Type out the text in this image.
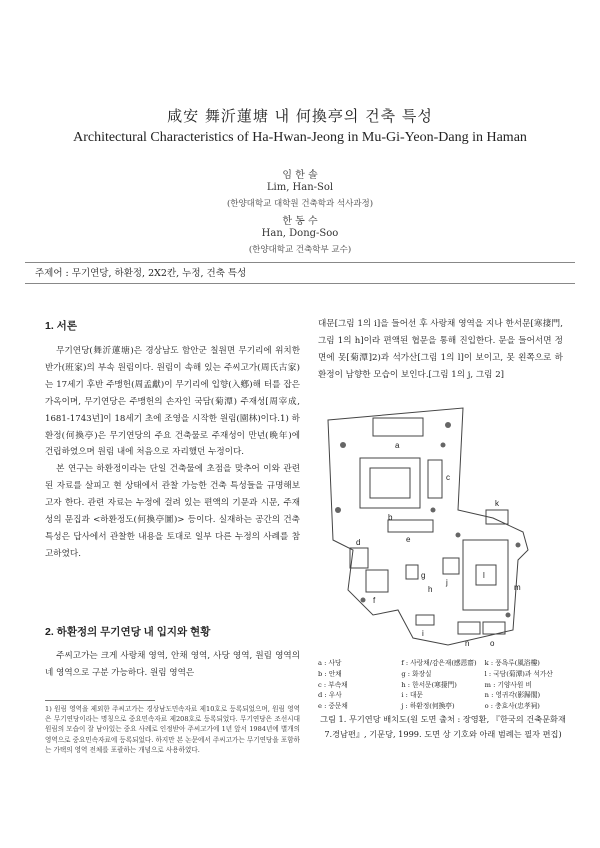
咸安 舞沂蓮塘 내 何換亭의 건축 특성
Architectural Characteristics of Ha-Hwan-Jeong in Mu-Gi-Yeon-Dang in Haman
임 한 솔
Lim, Han-Sol
(한양대학교 대학원 건축학과 석사과정)
한 동 수
Han, Dong-Soo
(한양대학교 건축학부 교수)
주제어 : 무기연당, 하환정, 2X2칸, 누정, 건축 특성
1. 서론

무기연당(舞沂蓮塘)은 경상남도 함안군 칠원면 무기리에 위치한 반가(班家)의 부속 원림이다. 원림이 속해 있는 주씨고가(周氏古家)는 17세기 후반 주맹헌(周孟獻)이 무기리에 입향(入鄕)해 터를 잡은 가옥이며, 무기연당은 주맹헌의 손자인 국담(菊潭) 주재성[周宰成, 1681-1743년]이 18세기 초에 조영을 시작한 원림(園林)이다.1) 하환정(何換亭)은 무기연당의 주요 건축물로 주재성이 만년(晩年)에 건립하였으며 원림 내에 처음으로 자리했던 누정이다.

본 연구는 하환정이라는 단일 건축물에 초점을 맞추어 이와 관련된 자료를 살피고 현 상태에서 관찰 가능한 건축 특성들을 규명해보고자 한다. 관련 자료는 누정에 걸려 있는 편액의 기문과 시문, 주재성의 문집과 <하환정도(何換亭圖)> 등이다. 실재하는 공간의 건축 특성은 답사에서 관찰한 내용을 토대로 일부 다른 누정의 사례를 참고하였다.

2. 하환정의 무기연당 내 입지와 현황

주씨고가는 크게 사랑채 영역, 안채 영역, 사당 영역, 원림 영역의 네 영역으로 구분 가능하다. 원림 영역은

1) 원림 영역을 제외한 주씨고가는 경상남도민속자료 제10호로 등록되었으며, 원림 영역은 무기연당이라는 명칭으로 중요민속자료 제208호로 등록되었다. 무기연당은 조선시대 원림의 모습이 잘 남아있는 중요 사례로 인정받아 주씨고가에 1년 앞서 1984년에 별개의 영역으로 중요민속자료에 등록되었다. 하지만 본 논문에서 주씨고가는 무기연당을 포함하는 가택의 영역 전체를 포괄하는 개념으로 사용하였다.

대문[그림 1의 i]을 들어선 후 사랑채 영역을 지나 한서문[寒捿門, 그림 1의 h]이라 편액된 협문을 통해 진입한다. 문을 들어서면 정면에 못[菊潭]2)과 석가산[그림 1의 l]이 보이고, 못 왼쪽으로 하환정이 남향한 모습이 보인다.[그림 1의 j, 그림 2]

a
b
c
d	e
f
g
h
i
j
k
l
m
n	o
a : 사당	f : 사랑채/감은재(感恩齋)	k : 풍욕루(風浴樓)
b : 안채	g : 화장실	l : 국담(菊潭)과 석가산
c : 부속채	h : 한서문(寒捿門)	m : 기양사원 비
d : 우사	i : 대문	n : 영귀각(影歸閣)
e : 중문채	j : 하환정(何換亭)	o : 충효사(忠孝祠)
그림 1. 무기연당 배치도(원 도면 출처 : 장영환, 『한국의 건축문화재 7.경남편』, 기문당, 1999. 도면 상 기호와 아래 범례는 필자 편집)
